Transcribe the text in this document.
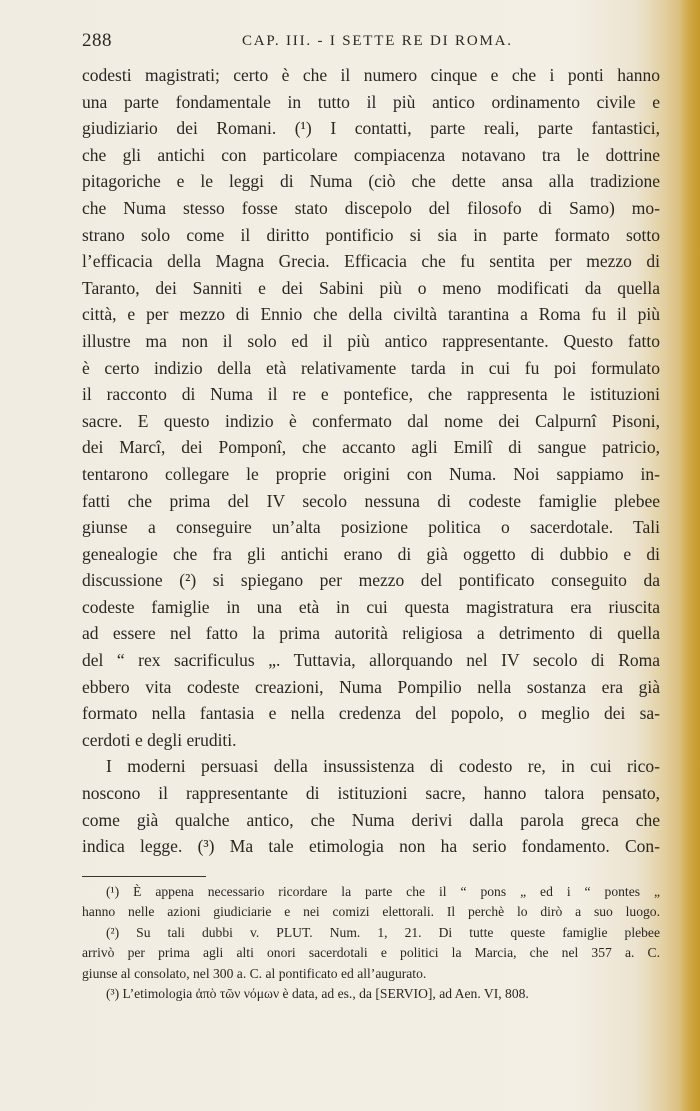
288	CAP. III. - I SETTE RE DI ROMA.
codesti magistrati; certo è che il numero cinque e che i ponti hanno
una parte fondamentale in tutto il più antico ordinamento civile e
giudiziario dei Romani. (¹) I contatti, parte reali, parte fantastici,
che gli antichi con particolare compiacenza notavano tra le dottrine
pitagoriche e le leggi di Numa (ciò che dette ansa alla tradizione
che Numa stesso fosse stato discepolo del filosofo di Samo) mo-
strano solo come il diritto pontificio si sia in parte formato sotto
l’efficacia della Magna Grecia. Efficacia che fu sentita per mezzo di
Taranto, dei Sanniti e dei Sabini più o meno modificati da quella
città, e per mezzo di Ennio che della civiltà tarantina a Roma fu il più
illustre ma non il solo ed il più antico rappresentante. Questo fatto
è certo indizio della età relativamente tarda in cui fu poi formulato
il racconto di Numa il re e pontefice, che rappresenta le istituzioni
sacre. E questo indizio è confermato dal nome dei Calpurnî Pisoni,
dei Marcî, dei Pomponî, che accanto agli Emilî di sangue patricio,
tentarono collegare le proprie origini con Numa. Noi sappiamo in-
fatti che prima del IV secolo nessuna di codeste famiglie plebee
giunse a conseguire un’alta posizione politica o sacerdotale. Tali
genealogie che fra gli antichi erano di già oggetto di dubbio e di
discussione (²) si spiegano per mezzo del pontificato conseguito da
codeste famiglie in una età in cui questa magistratura era riuscita
ad essere nel fatto la prima autorità religiosa a detrimento di quella
del “ rex sacrificulus „. Tuttavia, allorquando nel IV secolo di Roma
ebbero vita codeste creazioni, Numa Pompilio nella sostanza era già
formato nella fantasia e nella credenza del popolo, o meglio dei sa-
cerdoti e degli eruditi.
I moderni persuasi della insussistenza di codesto re, in cui rico-
noscono il rappresentante di istituzioni sacre, hanno talora pensato,
come già qualche antico, che Numa derivi dalla parola greca che
indica legge. (³) Ma tale etimologia non ha serio fondamento. Con-
(¹) È appena necessario ricordare la parte che il “ pons „ ed i “ pontes „
hanno nelle azioni giudiciarie e nei comizi elettorali. Il perchè lo dirò a suo luogo.
(²) Su tali dubbi v. PLUT. Num. 1, 21. Di tutte queste famiglie plebee
arrivò per prima agli alti onori sacerdotali e politici la Marcia, che nel 357 a. C.
giunse al consolato, nel 300 a. C. al pontificato ed all’augurato.
(³) L’etimologia ἀπὸ τῶν νόμων è data, ad es., da [SERVIO], ad Aen. VI, 808.
